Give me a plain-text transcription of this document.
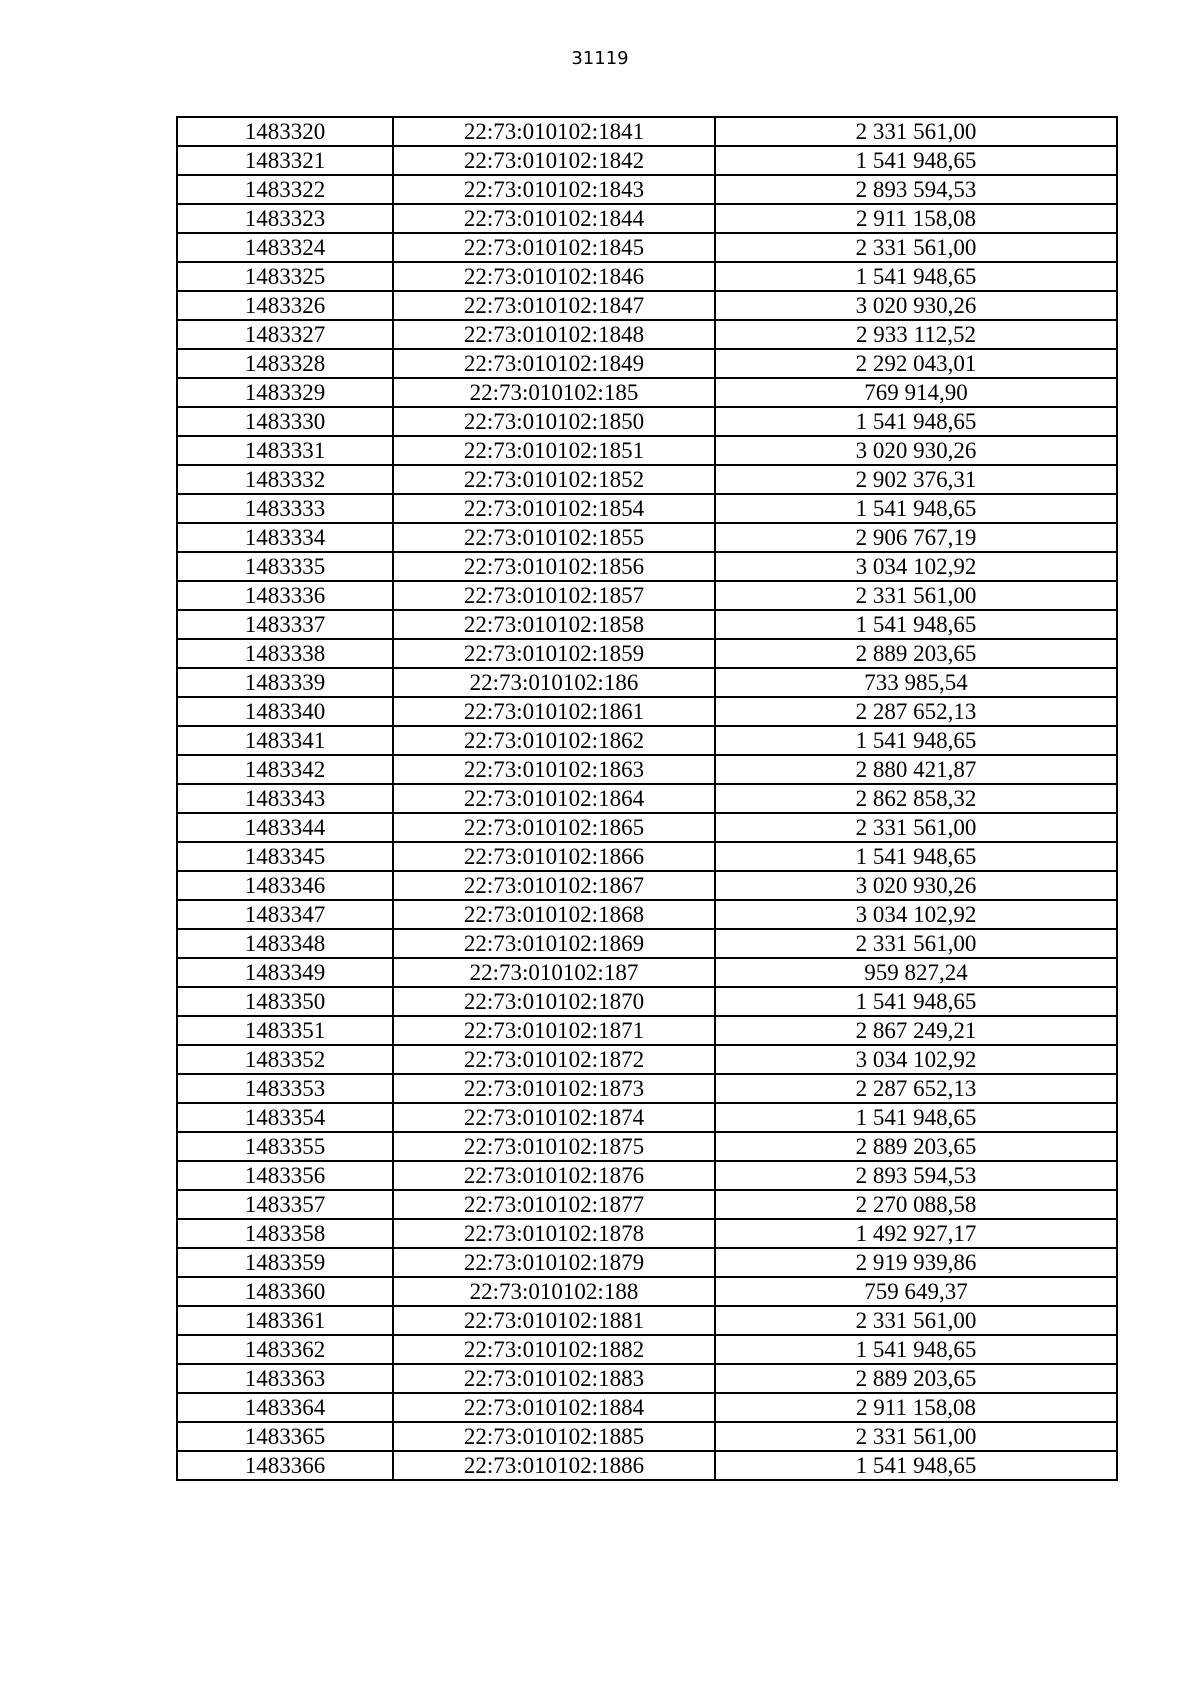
31119
1483320	22:73:010102:1841	2 331 561,00
1483321	22:73:010102:1842	1 541 948,65
1483322	22:73:010102:1843	2 893 594,53
1483323	22:73:010102:1844	2 911 158,08
1483324	22:73:010102:1845	2 331 561,00
1483325	22:73:010102:1846	1 541 948,65
1483326	22:73:010102:1847	3 020 930,26
1483327	22:73:010102:1848	2 933 112,52
1483328	22:73:010102:1849	2 292 043,01
1483329	22:73:010102:185	769 914,90
1483330	22:73:010102:1850	1 541 948,65
1483331	22:73:010102:1851	3 020 930,26
1483332	22:73:010102:1852	2 902 376,31
1483333	22:73:010102:1854	1 541 948,65
1483334	22:73:010102:1855	2 906 767,19
1483335	22:73:010102:1856	3 034 102,92
1483336	22:73:010102:1857	2 331 561,00
1483337	22:73:010102:1858	1 541 948,65
1483338	22:73:010102:1859	2 889 203,65
1483339	22:73:010102:186	733 985,54
1483340	22:73:010102:1861	2 287 652,13
1483341	22:73:010102:1862	1 541 948,65
1483342	22:73:010102:1863	2 880 421,87
1483343	22:73:010102:1864	2 862 858,32
1483344	22:73:010102:1865	2 331 561,00
1483345	22:73:010102:1866	1 541 948,65
1483346	22:73:010102:1867	3 020 930,26
1483347	22:73:010102:1868	3 034 102,92
1483348	22:73:010102:1869	2 331 561,00
1483349	22:73:010102:187	959 827,24
1483350	22:73:010102:1870	1 541 948,65
1483351	22:73:010102:1871	2 867 249,21
1483352	22:73:010102:1872	3 034 102,92
1483353	22:73:010102:1873	2 287 652,13
1483354	22:73:010102:1874	1 541 948,65
1483355	22:73:010102:1875	2 889 203,65
1483356	22:73:010102:1876	2 893 594,53
1483357	22:73:010102:1877	2 270 088,58
1483358	22:73:010102:1878	1 492 927,17
1483359	22:73:010102:1879	2 919 939,86
1483360	22:73:010102:188	759 649,37
1483361	22:73:010102:1881	2 331 561,00
1483362	22:73:010102:1882	1 541 948,65
1483363	22:73:010102:1883	2 889 203,65
1483364	22:73:010102:1884	2 911 158,08
1483365	22:73:010102:1885	2 331 561,00
1483366	22:73:010102:1886	1 541 948,65
